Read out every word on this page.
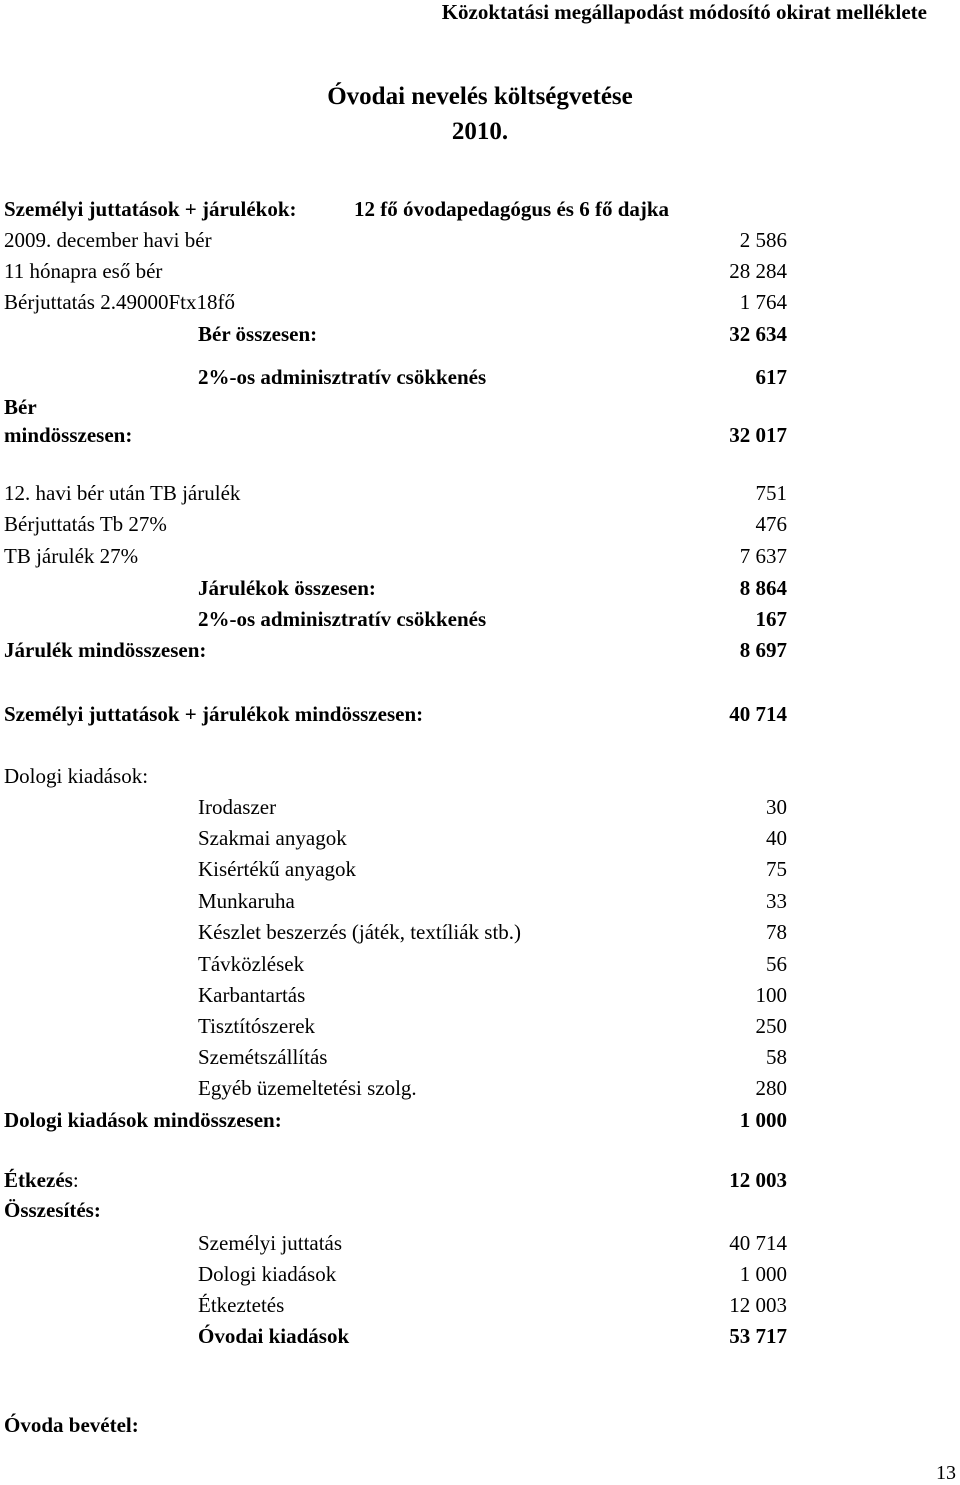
Közoktatási megállapodást módosító okirat melléklete
Óvodai nevelés költségvetése
2010.
Személyi juttatások + járulékok:	12 fő óvodapedagógus és 6 fő dajka
2009. december havi bér	2 586
11 hónapra eső bér	28 284
Bérjuttatás 2.49000Ftx18fő	1 764
Bér összesen:	32 634
2%-os adminisztratív csökkenés	617
Bér
mindösszesen:	32 017
12. havi bér után TB járulék	751
Bérjuttatás Tb 27%	476
TB járulék 27%	7 637
Járulékok összesen:	8 864
2%-os adminisztratív csökkenés	167
Járulék mindösszesen:	8 697
Személyi juttatások + járulékok mindösszesen:	40 714
Dologi kiadások:
Irodaszer	30
Szakmai anyagok	40
Kisértékű anyagok	75
Munkaruha	33
Készlet beszerzés (játék, textíliák stb.)	78
Távközlések	56
Karbantartás	100
Tisztítószerek	250
Szemétszállítás	58
Egyéb üzemeltetési szolg.	280
Dologi kiadások mindösszesen:	1 000
Étkezés:	12 003
Összesítés:
Személyi juttatás	40 714
Dologi kiadások	1 000
Étkeztetés	12 003
Óvodai kiadások	53 717
Óvoda bevétel:
13
